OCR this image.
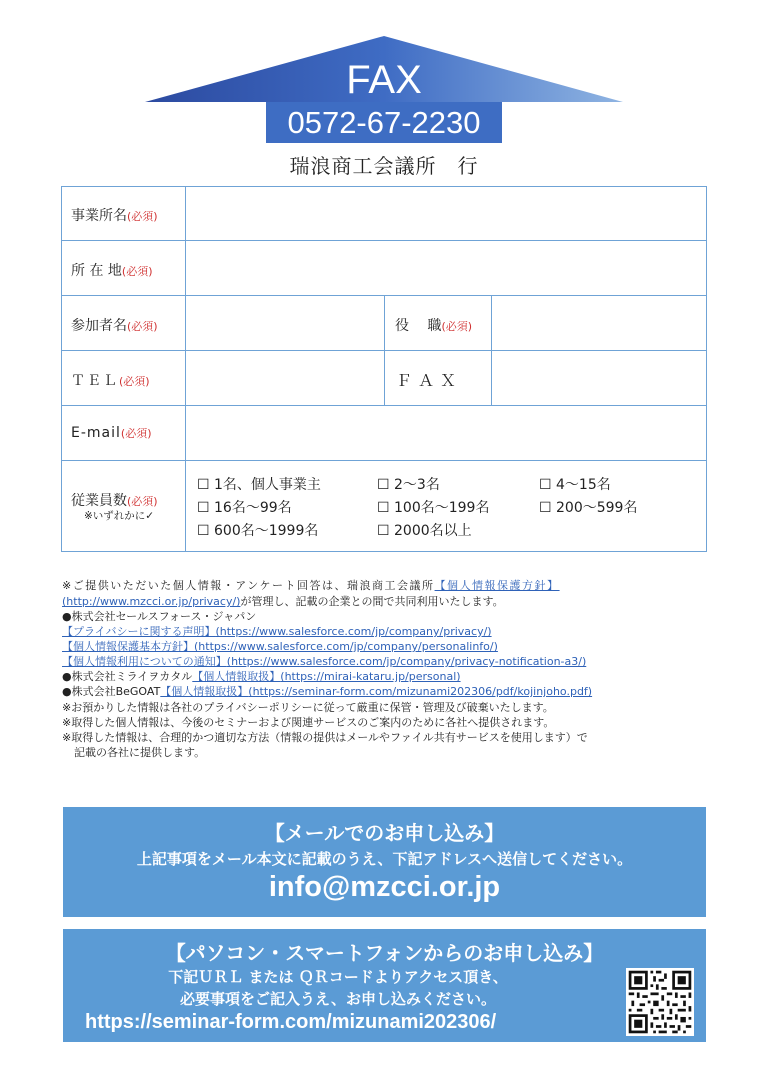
FAX
0572-67-2230
瑞浪商工会議所　行
事業所名(必須)
所 在 地(必須)
参加者名(必須)	役　 職(必須)
ＴＥＬ(必須)	ＦＡＸ
E-mail(必須)
従業員数(必須)
※いずれかに✓
☐ 1名、個人事業主	☐ 2～3名	☐ 4～15名
☐ 16名～99名	☐ 100名～199名	☐ 200～599名
☐ 600名～1999名	☐ 2000名以上
※ご提供いただいた個人情報・アンケート回答は、瑞浪商工会議所【個人情報保護方針】
(http://www.mzcci.or.jp/privacy/)が管理し、記載の企業との間で共同利用いたします。
●株式会社セールスフォース・ジャパン
【プライバシーに関する声明】(https://www.salesforce.com/jp/company/privacy/)
【個人情報保護基本方針】(https://www.salesforce.com/jp/company/personalinfo/)
【個人情報利用についての通知】(https://www.salesforce.com/jp/company/privacy-notification-a3/)
●株式会社ミライヲカタル【個人情報取扱】(https://mirai-kataru.jp/personal)
●株式会社BeGOAT【個人情報取扱】(https://seminar-form.com/mizunami202306/pdf/kojinjoho.pdf)
※お預かりした情報は各社のプライバシーポリシーに従って厳重に保管・管理及び破棄いたします。
※取得した個人情報は、今後のセミナーおよび関連サービスのご案内のために各社へ提供されます。
※取得した情報は、合理的かつ適切な方法（情報の提供はメールやファイル共有サービスを使用します）で
記載の各社に提供します。
【メールでのお申し込み】
上記事項をメール本文に記載のうえ、下記アドレスへ送信してください。
info@mzcci.or.jp
【パソコン・スマートフォンからのお申し込み】
下記ＵＲＬ または ＱＲコードよりアクセス頂き、
必要事項をご記入うえ、お申し込みください。
https://seminar-form.com/mizunami202306/
